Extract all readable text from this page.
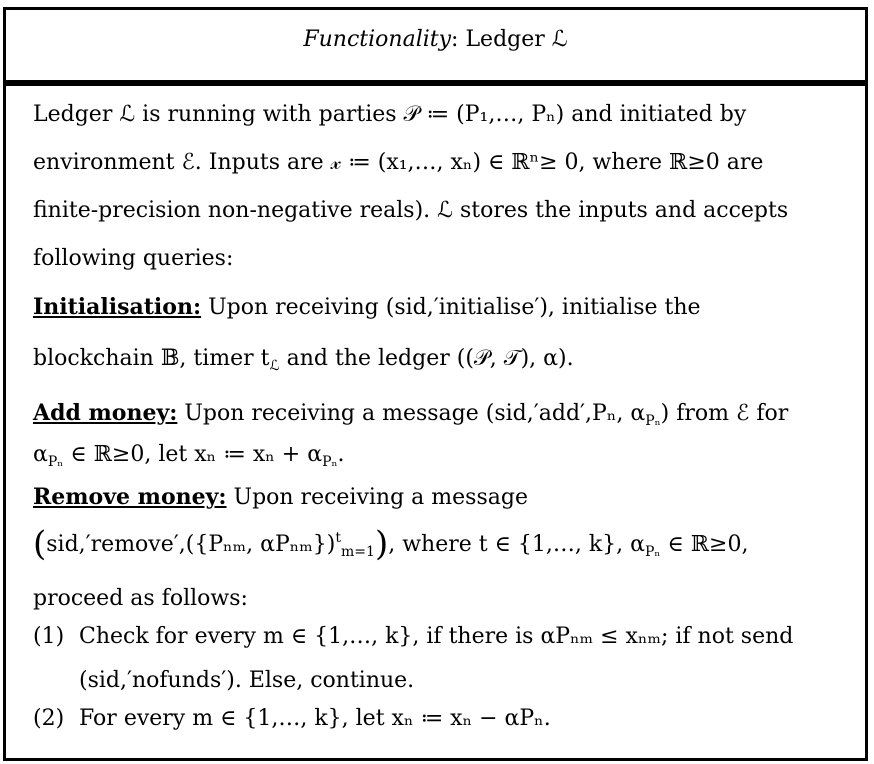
Functionality: Ledger ℒ
Ledger ℒ is running with parties 𝒫 ≔ (P₁,…, Pₙ) and initiated by
environment ℰ. Inputs are 𝓍 ≔ (x₁,…, xₙ) ∈ ℝⁿ≥ 0, where ℝ≥0 are
finite-precision non-negative reals). ℒ stores the inputs and accepts
following queries:
Initialisation: Upon receiving (sid,′initialise′), initialise the
blockchain 𝔹, timer $t_ℒ$ and the ledger ((𝒫, 𝒯), α).
Add money: Upon receiving a message (sid,′add′,Pₙ, $\alpha_{P_n}$) from ℰ for
$\alpha_{P_n}$ ∈ ℝ≥0, let xₙ ≔ $x_n + \alpha_{P_n}$.
Remove money: Upon receiving a message
(sid,′remove′,({Pₙₘ, αPₙₘ})$^t_{m=1}$), where t ∈ {1,…, k}, $\alpha_{P_n}$ ∈ ℝ≥0,
proceed as follows:
(1) Check for every m ∈ {1,…, k}, if there is αPₙₘ ≤ xₙₘ; if not send
(sid,′nofunds′). Else, continue.
(2) For every m ∈ {1,…, k}, let xₙ ≔ xₙ − αPₙ.
